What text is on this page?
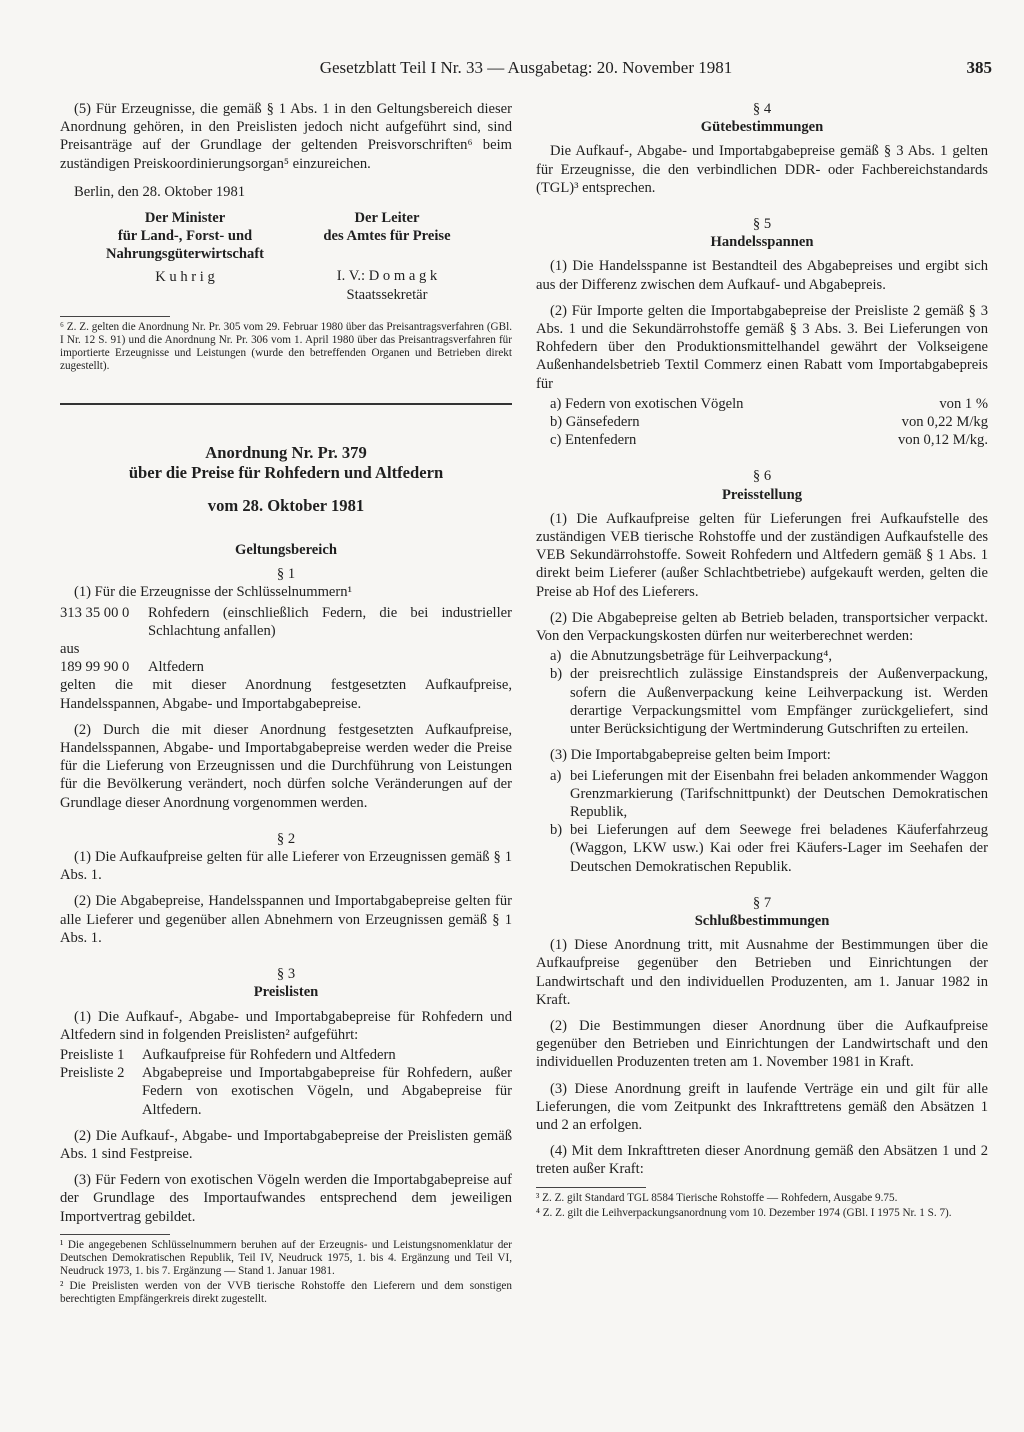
Gesetzblatt Teil I Nr. 33 — Ausgabetag: 20. November 1981	385

(5) Für Erzeugnisse, die gemäß § 1 Abs. 1 in den Geltungsbereich dieser Anordnung gehören, in den Preislisten jedoch nicht aufgeführt sind, sind Preisanträge auf der Grundlage der geltenden Preisvorschriften⁶ beim zuständigen Preiskoordinierungsorgan⁵ einzureichen.

Berlin, den 28. Oktober 1981

Der Minister
für Land-, Forst- und
Nahrungsgüterwirtschaft
K u h r i g
Der Leiter
des Amtes für Preise
I. V.: D o m a g k
Staatssekretär

⁶ Z. Z. gelten die Anordnung Nr. Pr. 305 vom 29. Februar 1980 über das Preisantragsverfahren (GBl. I Nr. 12 S. 91) und die Anordnung Nr. Pr. 306 vom 1. April 1980 über das Preisantragsverfahren für importierte Erzeugnisse und Leistungen (wurde den betreffenden Organen und Betrieben direkt zugestellt).

Anordnung Nr. Pr. 379

über die Preise für Rohfedern und Altfedern

vom 28. Oktober 1981

Geltungsbereich

§ 1

(1) Für die Erzeugnisse der Schlüsselnummern¹

313 35 00 0	Rohfedern (einschließlich Federn, die bei industrieller Schlachtung anfallen)
aus
189 99 90 0	Altfedern

gelten die mit dieser Anordnung festgesetzten Aufkaufpreise, Handelsspannen, Abgabe- und Importabgabepreise.

(2) Durch die mit dieser Anordnung festgesetzten Aufkaufpreise, Handelsspannen, Abgabe- und Importabgabepreise werden weder die Preise für die Lieferung von Erzeugnissen und die Durchführung von Leistungen für die Bevölkerung verändert, noch dürfen solche Veränderungen auf der Grundlage dieser Anordnung vorgenommen werden.

§ 2

(1) Die Aufkaufpreise gelten für alle Lieferer von Erzeugnissen gemäß § 1 Abs. 1.

(2) Die Abgabepreise, Handelsspannen und Importabgabepreise gelten für alle Lieferer und gegenüber allen Abnehmern von Erzeugnissen gemäß § 1 Abs. 1.

§ 3

Preislisten

(1) Die Aufkauf-, Abgabe- und Importabgabepreise für Rohfedern und Altfedern sind in folgenden Preislisten² aufgeführt:

Preisliste 1	Aufkaufpreise für Rohfedern und Altfedern
Preisliste 2	Abgabepreise und Importabgabepreise für Rohfedern, außer Federn von exotischen Vögeln, und Abgabepreise für Altfedern.

(2) Die Aufkauf-, Abgabe- und Importabgabepreise der Preislisten gemäß Abs. 1 sind Festpreise.

(3) Für Federn von exotischen Vögeln werden die Importabgabepreise auf der Grundlage des Importaufwandes entsprechend dem jeweiligen Importvertrag gebildet.

¹ Die angegebenen Schlüsselnummern beruhen auf der Erzeugnis- und Leistungsnomenklatur der Deutschen Demokratischen Republik, Teil IV, Neudruck 1975, 1. bis 4. Ergänzung und Teil VI, Neudruck 1973, 1. bis 7. Ergänzung — Stand 1. Januar 1981.

² Die Preislisten werden von der VVB tierische Rohstoffe den Lieferern und dem sonstigen berechtigten Empfängerkreis direkt zugestellt.

§ 4

Gütebestimmungen

Die Aufkauf-, Abgabe- und Importabgabepreise gemäß § 3 Abs. 1 gelten für Erzeugnisse, die den verbindlichen DDR- oder Fachbereichstandards (TGL)³ entsprechen.

§ 5

Handelsspannen

(1) Die Handelsspanne ist Bestandteil des Abgabepreises und ergibt sich aus der Differenz zwischen dem Aufkauf- und Abgabepreis.

(2) Für Importe gelten die Importabgabepreise der Preisliste 2 gemäß § 3 Abs. 1 und die Sekundärrohstoffe gemäß § 3 Abs. 3. Bei Lieferungen von Rohfedern über den Produktionsmittelhandel gewährt der Volkseigene Außenhandelsbetrieb Textil Commerz einen Rabatt vom Importabgabepreis für

a) Federn von exotischen Vögeln	von 1 %
b) Gänsefedern	von 0,22 M/kg
c) Entenfedern	von 0,12 M/kg.

§ 6

Preisstellung

(1) Die Aufkaufpreise gelten für Lieferungen frei Aufkaufstelle des zuständigen VEB tierische Rohstoffe und der zuständigen Aufkaufstelle des VEB Sekundärrohstoffe. Soweit Rohfedern und Altfedern gemäß § 1 Abs. 1 direkt beim Lieferer (außer Schlachtbetriebe) aufgekauft werden, gelten die Preise ab Hof des Lieferers.

(2) Die Abgabepreise gelten ab Betrieb beladen, transportsicher verpackt. Von den Verpackungskosten dürfen nur weiterberechnet werden:

a) die Abnutzungsbeträge für Leihverpackung⁴,
b) der preisrechtlich zulässige Einstandspreis der Außenverpackung, sofern die Außenverpackung keine Leihverpackung ist. Werden derartige Verpackungsmittel vom Empfänger zurückgeliefert, sind unter Berücksichtigung der Wertminderung Gutschriften zu erteilen.

(3) Die Importabgabepreise gelten beim Import:

a) bei Lieferungen mit der Eisenbahn frei beladen ankommender Waggon Grenzmarkierung (Tarifschnittpunkt) der Deutschen Demokratischen Republik,
b) bei Lieferungen auf dem Seewege frei beladenes Käuferfahrzeug (Waggon, LKW usw.) Kai oder frei Käufers-Lager im Seehafen der Deutschen Demokratischen Republik.

§ 7

Schlußbestimmungen

(1) Diese Anordnung tritt, mit Ausnahme der Bestimmungen über die Aufkaufpreise gegenüber den Betrieben und Einrichtungen der Landwirtschaft und den individuellen Produzenten, am 1. Januar 1982 in Kraft.

(2) Die Bestimmungen dieser Anordnung über die Aufkaufpreise gegenüber den Betrieben und Einrichtungen der Landwirtschaft und den individuellen Produzenten treten am 1. November 1981 in Kraft.

(3) Diese Anordnung greift in laufende Verträge ein und gilt für alle Lieferungen, die vom Zeitpunkt des Inkrafttretens gemäß den Absätzen 1 und 2 an erfolgen.

(4) Mit dem Inkrafttreten dieser Anordnung gemäß den Absätzen 1 und 2 treten außer Kraft:

³ Z. Z. gilt Standard TGL 8584 Tierische Rohstoffe — Rohfedern, Ausgabe 9.75.

⁴ Z. Z. gilt die Leihverpackungsanordnung vom 10. Dezember 1974 (GBl. I 1975 Nr. 1 S. 7).
